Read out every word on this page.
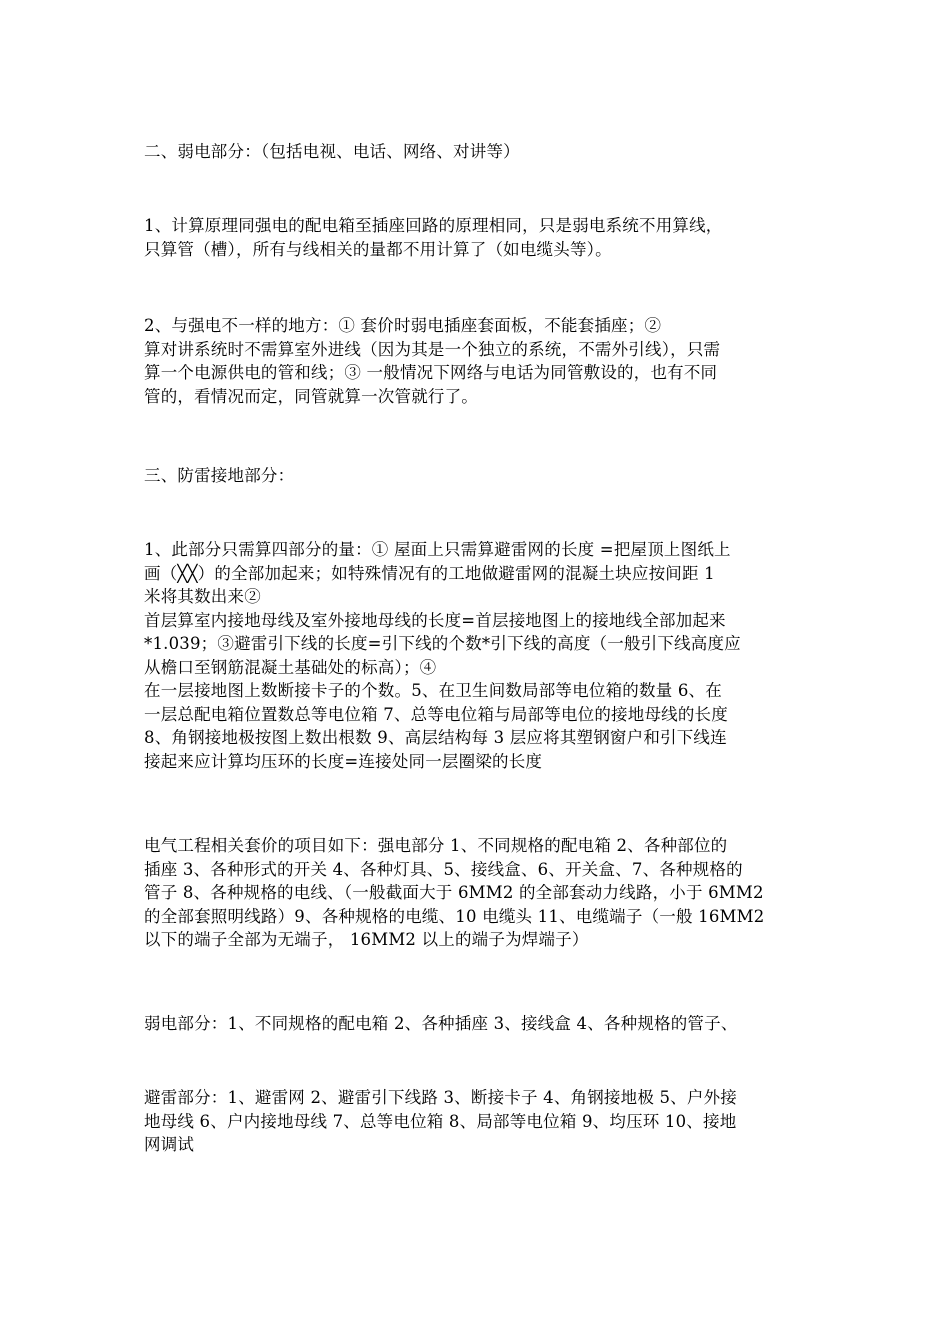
二、弱电部分：（包括电视、电话、网络、对讲等）
1、计算原理同强电的配电箱至插座回路的原理相同，只是弱电系统不用算线，
只算管（槽），所有与线相关的量都不用计算了（如电缆头等）。
2、与强电不一样的地方：① 套价时弱电插座套面板，不能套插座；②
算对讲系统时不需算室外进线（因为其是一个独立的系统，不需外引线），只需
算一个电源供电的管和线；③ 一般情况下网络与电话为同管敷设的，也有不同
管的，看情况而定，同管就算一次管就行了。
三、防雷接地部分：
1、此部分只需算四部分的量：① 屋面上只需算避雷网的长度 =把屋顶上图纸上
画（╳╳）的全部加起来；如特殊情况有的工地做避雷网的混凝土块应按间距 1
米将其数出来②
首层算室内接地母线及室外接地母线的长度=首层接地图上的接地线全部加起来
*1.039；③避雷引下线的长度=引下线的个数*引下线的高度（一般引下线高度应
从檐口至钢筋混凝土基础处的标高）；④
在一层接地图上数断接卡子的个数。5、在卫生间数局部等电位箱的数量 6、在
一层总配电箱位置数总等电位箱 7、总等电位箱与局部等电位的接地母线的长度
8、角钢接地极按图上数出根数 9、高层结构每 3 层应将其塑钢窗户和引下线连
接起来应计算均压环的长度=连接处同一层圈梁的长度
电气工程相关套价的项目如下：强电部分 1、不同规格的配电箱 2、各种部位的
插座 3、各种形式的开关 4、各种灯具、5、接线盒、6、开关盒、7、各种规格的
管子 8、各种规格的电线、（一般截面大于 6MM2 的全部套动力线路，小于 6MM2
的全部套照明线路）9、各种规格的电缆、10 电缆头 11、电缆端子（一般 16MM2
以下的端子全部为无端子， 16MM2 以上的端子为焊端子）
弱电部分：1、不同规格的配电箱 2、各种插座 3、接线盒 4、各种规格的管子、
避雷部分：1、避雷网 2、避雷引下线路 3、断接卡子 4、角钢接地极 5、户外接
地母线 6、户内接地母线 7、总等电位箱 8、局部等电位箱 9、均压环 10、接地
网调试
